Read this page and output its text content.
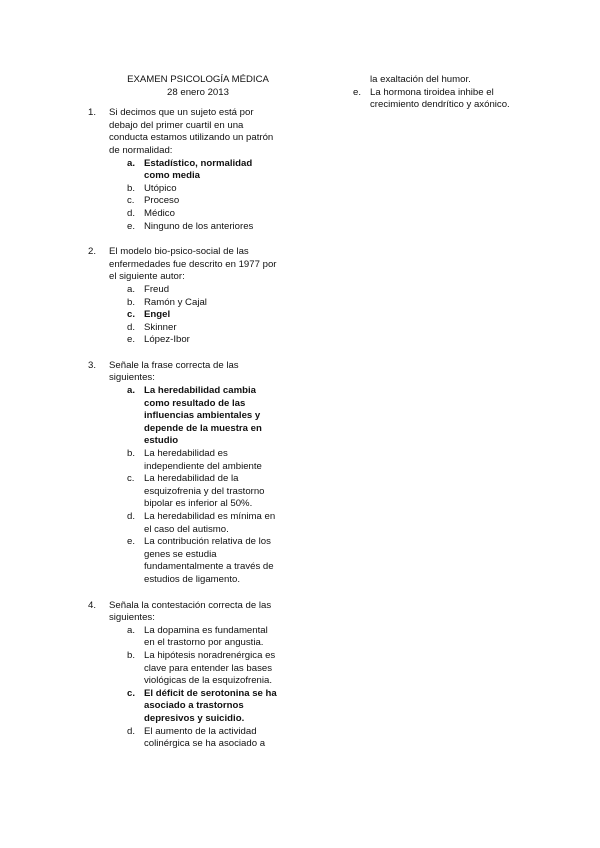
EXAMEN PSICOLOGÍA MÉDICA
28 enero 2013
1. Si decimos que un sujeto está por debajo del primer cuartil en una conducta estamos utilizando un patrón de normalidad:
a. Estadístico, normalidad como media
b. Utópico
c. Proceso
d. Médico
e. Ninguno de los anteriores
2. El modelo bio-psico-social de las enfermedades fue descrito en 1977 por el siguiente autor:
a. Freud
b. Ramón y Cajal
c. Engel
d. Skinner
e. López-Ibor
3. Señale la frase correcta de las siguientes:
a. La heredabilidad cambia como resultado de las influencias ambientales y depende de la muestra en estudio
b. La heredabilidad es independiente del ambiente
c. La heredabilidad de la esquizofrenia y del trastorno bipolar es inferior al 50%.
d. La heredabilidad es mínima en el caso del autismo.
e. La contribución relativa de los genes se estudia fundamentalmente a través de estudios de ligamento.
4. Señala la contestación correcta de las siguientes:
a. La dopamina es fundamental en el trastorno por angustia.
b. La hipótesis noradrenérgica es clave para entender las bases viológicas de la esquizofrenia.
c. El déficit de serotonina se ha asociado a trastornos depresivos y suicidio.
d. El aumento de la actividad colinérgica se ha asociado a
la exaltación del humor.
e. La hormona tiroidea inhibe el crecimiento dendrítico y axónico.
